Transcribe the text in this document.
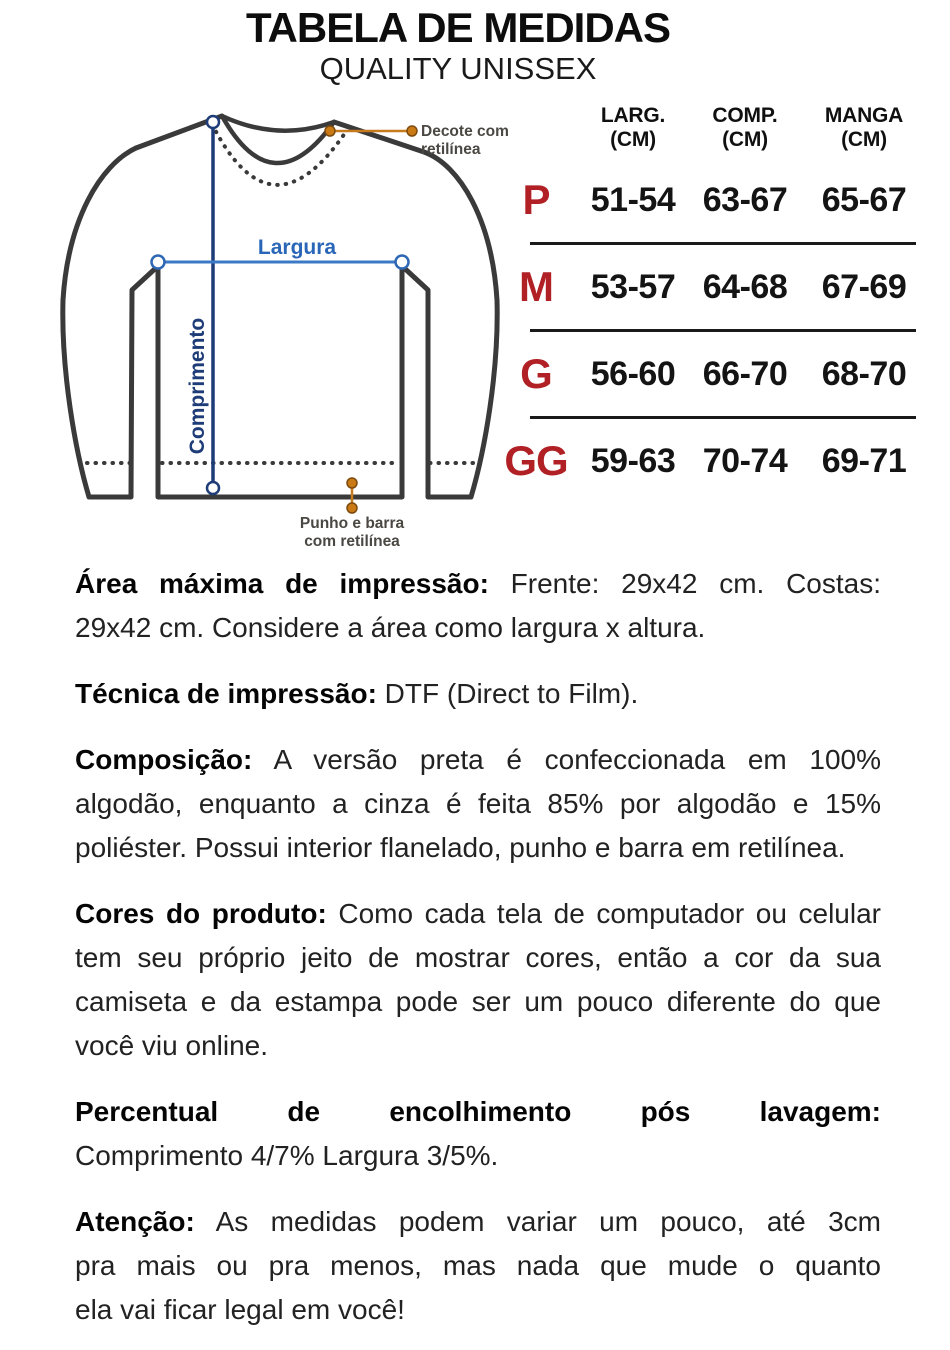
TABELA DE MEDIDAS
QUALITY UNISSEX
Largura
Comprimento
Decote com
retilínea
Punho e barra
com retilínea
LARG.
(CM)
COMP.
(CM)
MANGA
(CM)
P	51-54 63-67	65-67
M	53-57 64-68	67-69
G	56-60 66-70	68-70
GG 59-63 70-74	69-71

Área máxima de impressão: Frente: 29x42 cm. Costas:
29x42 cm. Considere a área como largura x altura.

Técnica de impressão: DTF (Direct to Film).

Composição: A versão preta é confeccionada em 100%
algodão, enquanto a cinza é feita 85% por algodão e 15%
poliéster. Possui interior flanelado, punho e barra em retilínea.

Cores do produto: Como cada tela de computador ou celular
tem seu próprio jeito de mostrar cores, então a cor da sua
camiseta e da estampa pode ser um pouco diferente do que
você viu online.

Percentual de encolhimento pós lavagem:
Comprimento 4/7% Largura 3/5%.

Atenção: As medidas podem variar um pouco, até 3cm
pra mais ou pra menos, mas nada que mude o quanto
ela vai ficar legal em você!
